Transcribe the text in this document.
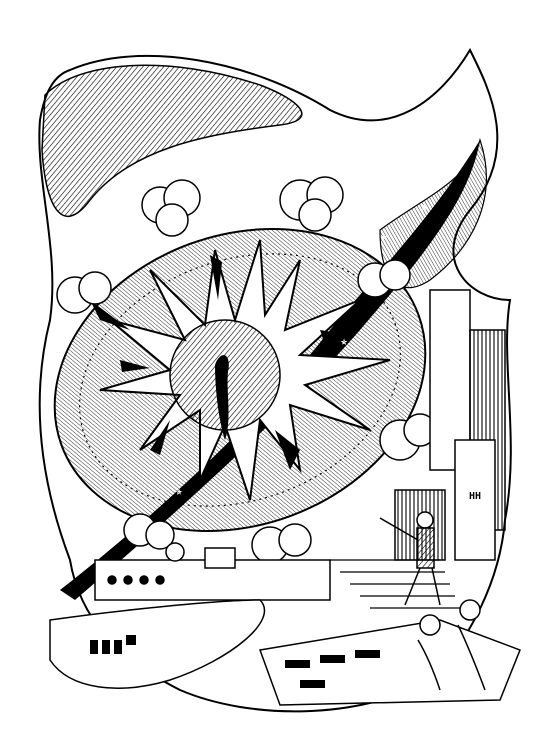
★
★
★
HH
